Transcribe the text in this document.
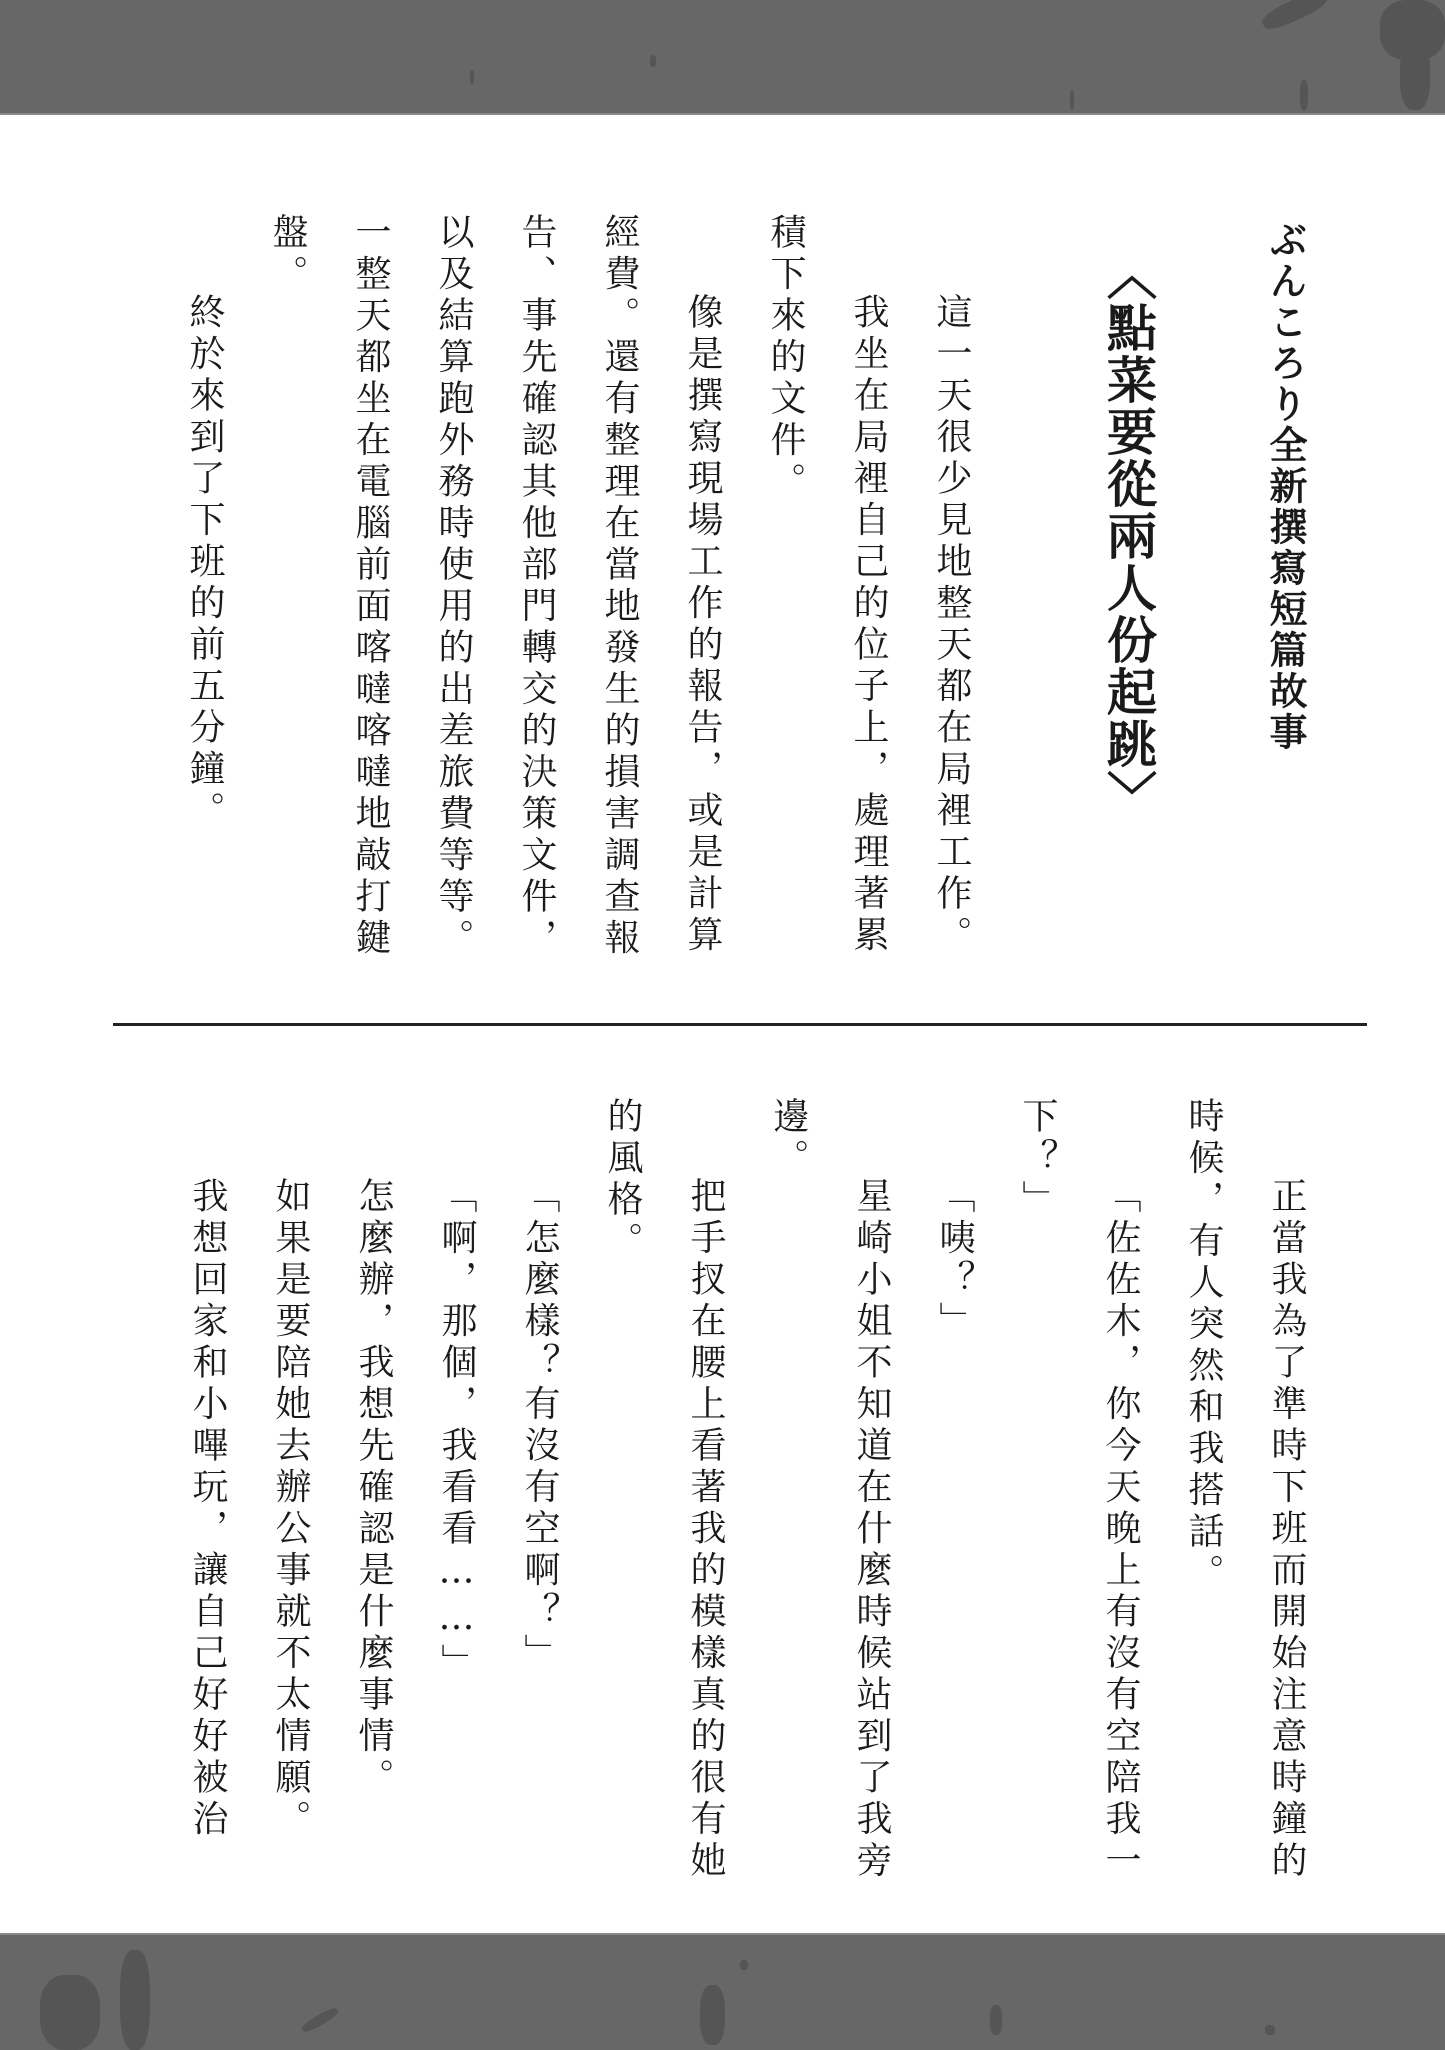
ぶんころり全新撰寫短篇故事
〈點菜要從兩人份起跳〉
這一天很少見地整天都在局裡工作。
我坐在局裡自己的位子上，處理著累
積下來的文件。
像是撰寫現場工作的報告，或是計算
經費。還有整理在當地發生的損害調查報
告、事先確認其他部門轉交的決策文件，
以及結算跑外務時使用的出差旅費等等。
一整天都坐在電腦前面喀噠喀噠地敲打鍵
盤。
終於來到了下班的前五分鐘。
正當我為了準時下班而開始注意時鐘的
時候，有人突然和我搭話。
「佐佐木，你今天晚上有沒有空陪我一
下？」
「咦？」
星崎小姐不知道在什麼時候站到了我旁
邊。
把手扠在腰上看著我的模樣真的很有她
的風格。
「怎麼樣？有沒有空啊？」
「啊，那個，我看看……」
怎麼辦，我想先確認是什麼事情。
如果是要陪她去辦公事就不太情願。
我想回家和小嗶玩，讓自己好好被治
